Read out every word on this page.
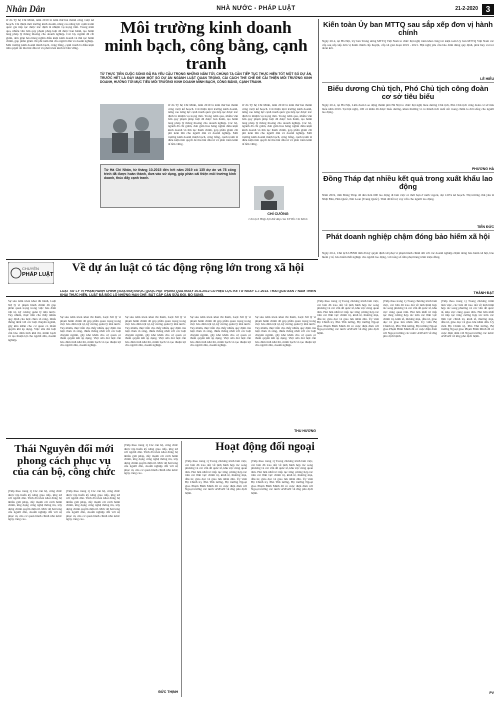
Nhân Dân	NHÀ NƯỚC - PHÁP LUẬT	21-2-2020 3
Ở đó Tỷ hệ Chỉ Minh, năm 2019 là năm thứ hai thành công vượt kế hoạch. Cải thiện môi trường kinh doanh, nâng cao năng lực cạnh tranh quốc gia tiếp tục được xác định là nhiệm vụ trọng tâm. Trong năm qua, nhiều văn bản quy phạm pháp luật đã được ban hành, tạo hành lang pháp lý thông thoáng cho doanh nghiệp. Các bộ, ngành đã cắt giảm, đơn giản hóa hàng nghìn điều kiện kinh doanh và thủ tục hành chính, góp phần giảm chi phí tuân thủ cho người dân và doanh nghiệp. Môi trường kinh doanh minh bạch, công bằng, cạnh tranh là điều kiện tiên quyết để thu hút đầu tư và phát triển kinh tế bền vững.
Môi trường kinh doanh minh bạch, công bằng, cạnh tranh
TỪ THỰC TIỄN CUỘC SỐNG ĐÃ RA YÊU CẦU TRONG NHỮNG NĂM TỚI, CHÚNG TA CẦN TIẾP TỤC THỰC HIỆN TỐT MỘT SỐ DỰ ÁN, TRƯỚC HẾT LÀ ĐẨY MẠNH MỘT SỐ DỰ ÁN NGÀNH LUẬT QUAN TRỌNG. CẢI CÁCH THỂ CHẾ ĐỂ CẢI THIỆN MÔI TRƯỜNG KINH DOANH, HƯỚNG TỚI MỤC TIÊU MÔI TRƯỜNG KINH DOANH MINH BẠCH, CÔNG BẰNG, CẠNH TRANH.
Ở đó Tỷ hệ Chỉ Minh, năm 2019 là năm thứ hai thành công vượt kế hoạch. Cải thiện môi trường kinh doanh, nâng cao năng lực cạnh tranh quốc gia tiếp tục được xác định là nhiệm vụ trọng tâm. Trong năm qua, nhiều văn bản quy phạm pháp luật đã được ban hành, tạo hành lang pháp lý thông thoáng cho doanh nghiệp. Các bộ, ngành đã cắt giảm, đơn giản hóa hàng nghìn điều kiện kinh doanh và thủ tục hành chính, góp phần giảm chi phí tuân thủ cho người dân và doanh nghiệp. Môi trường kinh doanh minh bạch, công bằng, cạnh tranh là điều kiện tiên quyết để thu hút đầu tư và phát triển kinh tế bền vững.
Ở đó Tỷ hệ Chỉ Minh, năm 2019 là năm thứ hai thành công vượt kế hoạch. Cải thiện môi trường kinh doanh, nâng cao năng lực cạnh tranh quốc gia tiếp tục được xác định là nhiệm vụ trọng tâm. Trong năm qua, nhiều văn bản quy phạm pháp luật đã được ban hành, tạo hành lang pháp lý thông thoáng cho doanh nghiệp. Các bộ, ngành đã cắt giảm, đơn giản hóa hàng nghìn điều kiện kinh doanh và thủ tục hành chính, góp phần giảm chi phí tuân thủ cho người dân và doanh nghiệp. Môi trường kinh doanh minh bạch, công bằng, cạnh tranh là điều kiện tiên quyết để thu hút đầu tư và phát triển kinh tế bền vững.
Từ Hà Chí Nhân, từ tháng 10-2015 đến hết năm 2019 có 135 dự án và 78 công trình đã được hoàn thành, đưa vào sử dụng, góp phần cải thiện môi trường kinh doanh, thúc đẩy cạnh tranh.
CHÍ CƯỜNG
Chủ tịch Hiệp hội đối đáp của TP Hồ Chí Minh
Kiến toàn Ủy ban MTTQ sau sắp xếp đơn vị hành chính
Ngày 20-2, tại Hà Nội, Ủy ban Trung ương MTTQ Việt Nam tổ chức hội nghị triển khai công tác kiện toàn Ủy ban MTTQ Việt Nam các cấp sau sắp xếp đơn vị hành chính cấp huyện, cấp xã giai đoạn 2019 - 2021. Hội nghị yêu cầu bảo đảm đúng quy định, phát huy vai trò đoàn kết.
LÊ HIẾU
Biểu dương Chủ tịch, Phó Chủ tịch công đoàn cơ sở tiêu biểu
Ngày 20-2, tại Hà Nội, Liên đoàn Lao động thành phố Hà Nội tổ chức hội nghị biểu dương Chủ tịch, Phó Chủ tịch công đoàn cơ sở tiêu biểu năm 2019. Tại hội nghị, 100 cá nhân đã được biểu dương, khen thưởng vì có thành tích xuất sắc trong chăm lo đời sống cho người lao động.
PHƯƠNG HÀ
Đồng Tháp đạt nhiều kết quả trong xuất khẩu lao động
Năm 2019, tỉnh Đồng Tháp đã đưa hơn 600 lao động đi làm việc có thời hạn ở nước ngoài, đạt 120% kế hoạch. Thị trường chủ yếu là Nhật Bản, Hàn Quốc, Đài Loan (Trung Quốc). Tỉnh đã hỗ trợ vay vốn cho người lao động.
TIẾN ĐỨC
Phát doanh nghiệp chậm đóng bảo hiểm xã hội
Ngày 20-2, Chủ tịch UBND tỉnh đã ký quyết định xử phạt vi phạm hành chính đối với các doanh nghiệp chậm đóng bảo hiểm xã hội, bảo hiểm y tế, bảo hiểm thất nghiệp cho người lao động, với tổng số tiền phạt hàng trăm triệu đồng.
THÀNH ĐẠT
CHUYỆN
PHÁP LUẬT
Về dự án luật có tác động rộng lớn trong xã hội
LUẬT XỬ LÝ VI PHẠM HÀNH CHÍNH (SỬA ĐỔI) ĐƯỢC QUỐC HỘI THÔNG QUA NGÀY 20-6-2012 CÓ HIỆU LỰC KỂ TỪ NGÀY 1-7-2013. TRẢI QUA GẦN 7 NĂM TRIỂN KHAI THỰC HIỆN, LUẬT ĐÃ BỘC LỘ NHỮNG HẠN CHẾ, BẤT CẬP CẦN SỬA ĐỔI, BỔ SUNG.
Sự sáu năm triển khai thi hành, Luật Xử lý vi phạm hành chính đã góp phần quan trọng trong việc bảo đảm trật tự, kỷ cương quản lý nhà nước. Tuy nhiên, thực tiễn cho thấy nhiều quy định của luật chưa rõ ràng, thiếu thống nhất với các luật chuyên ngành, gây khó khăn cho cơ quan có thẩm quyền khi áp dụng. Việc sửa đổi luật cần bảo đảm tính khả thi, minh bạch và tạo thuận lợi cho người dân, doanh nghiệp.
Sự sáu năm triển khai thi hành, Luật Xử lý vi phạm hành chính đã góp phần quan trọng trong việc bảo đảm trật tự, kỷ cương quản lý nhà nước. Tuy nhiên, thực tiễn cho thấy nhiều quy định của luật chưa rõ ràng, thiếu thống nhất với các luật chuyên ngành, gây khó khăn cho cơ quan có thẩm quyền khi áp dụng. Việc sửa đổi luật cần bảo đảm tính khả thi, minh bạch và tạo thuận lợi cho người dân, doanh nghiệp.
Sự sáu năm triển khai thi hành, Luật Xử lý vi phạm hành chính đã góp phần quan trọng trong việc bảo đảm trật tự, kỷ cương quản lý nhà nước. Tuy nhiên, thực tiễn cho thấy nhiều quy định của luật chưa rõ ràng, thiếu thống nhất với các luật chuyên ngành, gây khó khăn cho cơ quan có thẩm quyền khi áp dụng. Việc sửa đổi luật cần bảo đảm tính khả thi, minh bạch và tạo thuận lợi cho người dân, doanh nghiệp.
Sự sáu năm triển khai thi hành, Luật Xử lý vi phạm hành chính đã góp phần quan trọng trong việc bảo đảm trật tự, kỷ cương quản lý nhà nước. Tuy nhiên, thực tiễn cho thấy nhiều quy định của luật chưa rõ ràng, thiếu thống nhất với các luật chuyên ngành, gây khó khăn cho cơ quan có thẩm quyền khi áp dụng. Việc sửa đổi luật cần bảo đảm tính khả thi, minh bạch và tạo thuận lợi cho người dân, doanh nghiệp.
Sự sáu năm triển khai thi hành, Luật Xử lý vi phạm hành chính đã góp phần quan trọng trong việc bảo đảm trật tự, kỷ cương quản lý nhà nước. Tuy nhiên, thực tiễn cho thấy nhiều quy định của luật chưa rõ ràng, thiếu thống nhất với các luật chuyên ngành, gây khó khăn cho cơ quan có thẩm quyền khi áp dụng. Việc sửa đổi luật cần bảo đảm tính khả thi, minh bạch và tạo thuận lợi cho người dân, doanh nghiệp.
THU HƯƠNG
Thái Nguyên đổi mới phong cách phục vụ của cán bộ, công chức
(Tiếp theo trang 1) Các cán bộ, công chức được tập huấn kỹ năng giao tiếp, ứng xử với người dân. Tỉnh đã triển khai đồng bộ nhiều giải pháp, đẩy mạnh cải cách hành chính, ứng dụng công nghệ thông tin, xây dựng chính quyền điện tử. Mức độ hài lòng của người dân, doanh nghiệp đối với sự phục vụ của cơ quan hành chính nhà nước ngày càng cao.
(Tiếp theo trang 1) Các cán bộ, công chức được tập huấn kỹ năng giao tiếp, ứng xử với người dân. Tỉnh đã triển khai đồng bộ nhiều giải pháp, đẩy mạnh cải cách hành chính, ứng dụng công nghệ thông tin, xây dựng chính quyền điện tử. Mức độ hài lòng của người dân, doanh nghiệp đối với sự phục vụ của cơ quan hành chính nhà nước ngày càng cao.
(Tiếp theo trang 1) Các cán bộ, công chức được tập huấn kỹ năng giao tiếp, ứng xử với người dân. Tỉnh đã triển khai đồng bộ nhiều giải pháp, đẩy mạnh cải cách hành chính, ứng dụng công nghệ thông tin, xây dựng chính quyền điện tử. Mức độ hài lòng của người dân, doanh nghiệp đối với sự phục vụ của cơ quan hành chính nhà nước ngày càng cao.
ĐỨC THỊNH
Hoạt động đối ngoại
(Tiếp theo trang 1) Trong chương trình làm việc, các bên đã trao đổi về tình hình hợp tác song phương và các vấn đề quốc tế, khu vực cùng quan tâm. Hai bên nhất trí tiếp tục tăng cường hợp tác trên các lĩnh vực chính trị, kinh tế, thương mại, đầu tư, giáo dục và giao lưu nhân dân. Ủy viên Bộ Chính trị, Phó Thủ tướng, Bộ trưởng Ngoại giao Phạm Bình Minh đã có cuộc điện đàm với Ngoại trưởng các nước ASEAN về ứng phó dịch bệnh.
(Tiếp theo trang 1) Trong chương trình làm việc, các bên đã trao đổi về tình hình hợp tác song phương và các vấn đề quốc tế, khu vực cùng quan tâm. Hai bên nhất trí tiếp tục tăng cường hợp tác trên các lĩnh vực chính trị, kinh tế, thương mại, đầu tư, giáo dục và giao lưu nhân dân. Ủy viên Bộ Chính trị, Phó Thủ tướng, Bộ trưởng Ngoại giao Phạm Bình Minh đã có cuộc điện đàm với Ngoại trưởng các nước ASEAN về ứng phó dịch bệnh.
(Tiếp theo trang 1) Trong chương trình làm việc, các bên đã trao đổi về tình hình hợp tác song phương và các vấn đề quốc tế, khu vực cùng quan tâm. Hai bên nhất trí tiếp tục tăng cường hợp tác trên các lĩnh vực chính trị, kinh tế, thương mại, đầu tư, giáo dục và giao lưu nhân dân. Ủy viên Bộ Chính trị, Phó Thủ tướng, Bộ trưởng Ngoại giao Phạm Bình Minh đã có cuộc điện đàm với Ngoại trưởng các nước ASEAN về ứng phó dịch bệnh.
(Tiếp theo trang 1) Trong chương trình làm việc, các bên đã trao đổi về tình hình hợp tác song phương và các vấn đề quốc tế, khu vực cùng quan tâm. Hai bên nhất trí tiếp tục tăng cường hợp tác trên các lĩnh vực chính trị, kinh tế, thương mại, đầu tư, giáo dục và giao lưu nhân dân. Ủy viên Bộ Chính trị, Phó Thủ tướng, Bộ trưởng Ngoại giao Phạm Bình Minh đã có cuộc điện đàm với Ngoại trưởng các nước ASEAN về ứng phó dịch bệnh.
(Tiếp theo trang 1) Trong chương trình làm việc, các bên đã trao đổi về tình hình hợp tác song phương và các vấn đề quốc tế, khu vực cùng quan tâm. Hai bên nhất trí tiếp tục tăng cường hợp tác trên các lĩnh vực chính trị, kinh tế, thương mại, đầu tư, giáo dục và giao lưu nhân dân. Ủy viên Bộ Chính trị, Phó Thủ tướng, Bộ trưởng Ngoại giao Phạm Bình Minh đã có cuộc điện đàm với Ngoại trưởng các nước ASEAN về ứng phó dịch bệnh.
PV
